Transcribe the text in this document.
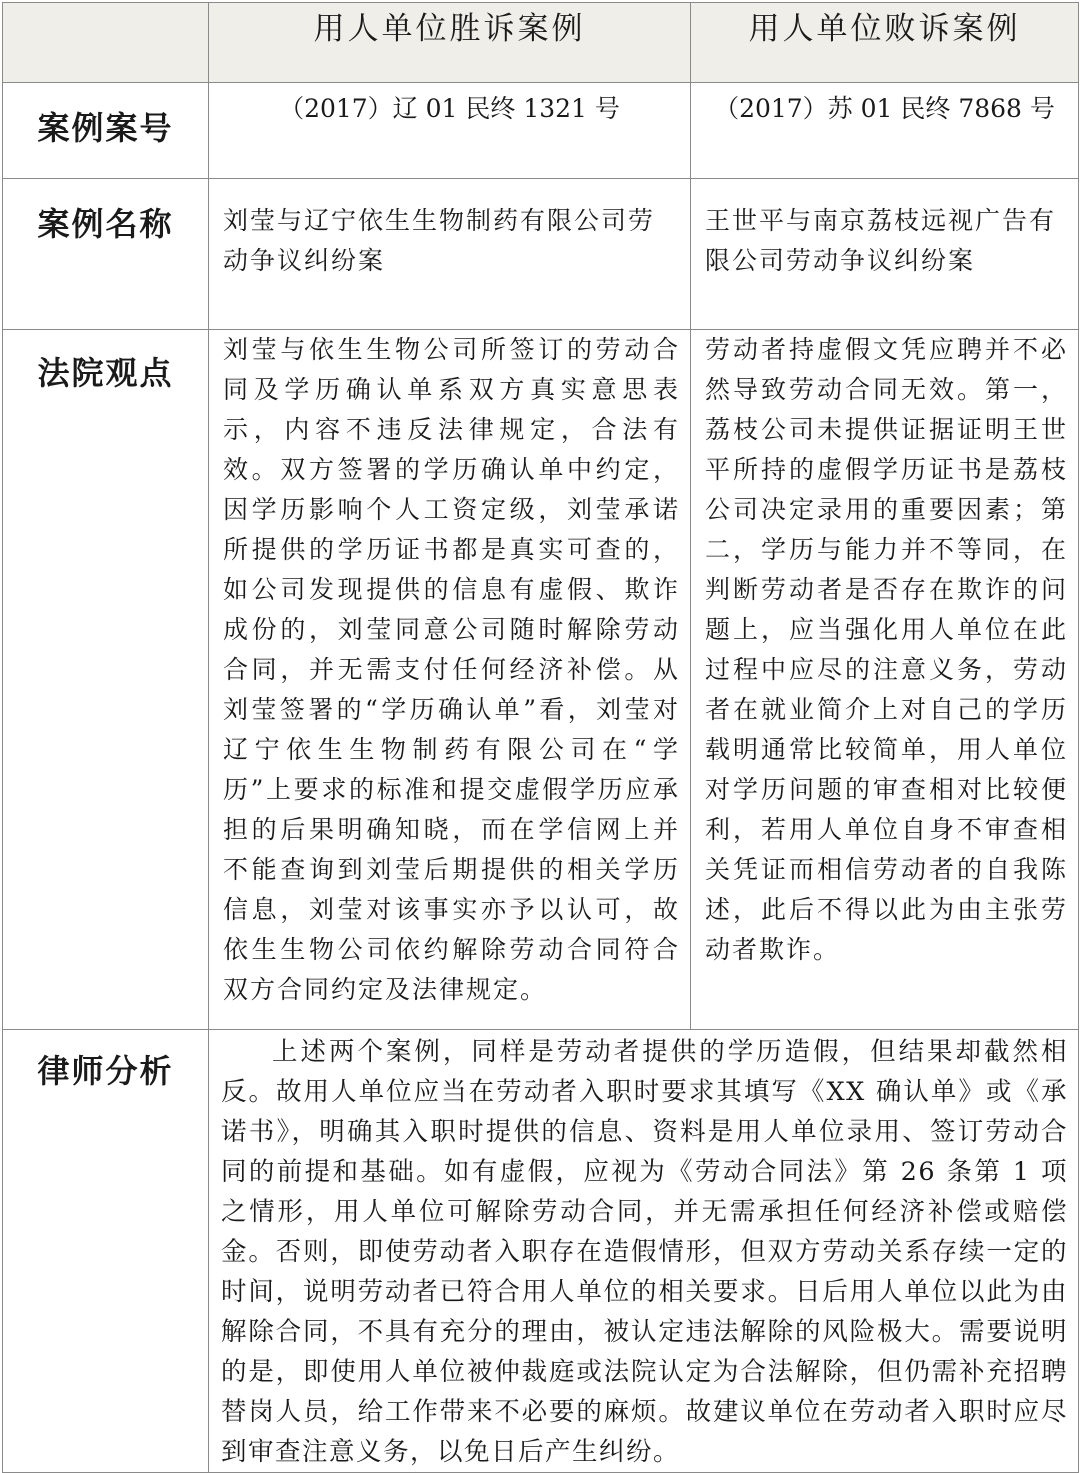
	用人单位胜诉案例	用人单位败诉案例
案例案号	（2017）辽 01 民终 1321 号	（2017）苏 01 民终 7868 号
案例名称	刘莹与辽宁依生生物制药有限公司劳动争议纠纷案	王世平与南京荔枝远视广告有限公司劳动争议纠纷案
法院观点	刘莹与依生生物公司所签订的劳动合同及学历确认单系双方真实意思表示，内容不违反法律规定，合法有效。双方签署的学历确认单中约定，因学历影响个人工资定级，刘莹承诺所提供的学历证书都是真实可查的，如公司发现提供的信息有虚假、欺诈成份的，刘莹同意公司随时解除劳动合同，并无需支付任何经济补偿。从刘莹签署的“学历确认单”看，刘莹对辽宁依生生物制药有限公司在“学历”上要求的标准和提交虚假学历应承担的后果明确知晓，而在学信网上并不能查询到刘莹后期提供的相关学历信息，刘莹对该事实亦予以认可，故依生生物公司依约解除劳动合同符合双方合同约定及法律规定。	劳动者持虚假文凭应聘并不必然导致劳动合同无效。第一，荔枝公司未提供证据证明王世平所持的虚假学历证书是荔枝公司决定录用的重要因素；第二，学历与能力并不等同，在判断劳动者是否存在欺诈的问题上，应当强化用人单位在此过程中应尽的注意义务，劳动者在就业简介上对自己的学历载明通常比较简单，用人单位对学历问题的审查相对比较便利，若用人单位自身不审查相关凭证而相信劳动者的自我陈述，此后不得以此为由主张劳动者欺诈。
律师分析	上述两个案例，同样是劳动者提供的学历造假，但结果却截然相反。故用人单位应当在劳动者入职时要求其填写《XX 确认单》或《承诺书》，明确其入职时提供的信息、资料是用人单位录用、签订劳动合同的前提和基础。如有虚假，应视为《劳动合同法》第 26 条第 1 项之情形，用人单位可解除劳动合同，并无需承担任何经济补偿或赔偿金。否则，即使劳动者入职存在造假情形，但双方劳动关系存续一定的时间，说明劳动者已符合用人单位的相关要求。日后用人单位以此为由解除合同，不具有充分的理由，被认定违法解除的风险极大。需要说明的是，即使用人单位被仲裁庭或法院认定为合法解除，但仍需补充招聘替岗人员，给工作带来不必要的麻烦。故建议单位在劳动者入职时应尽到审查注意义务，以免日后产生纠纷。	
